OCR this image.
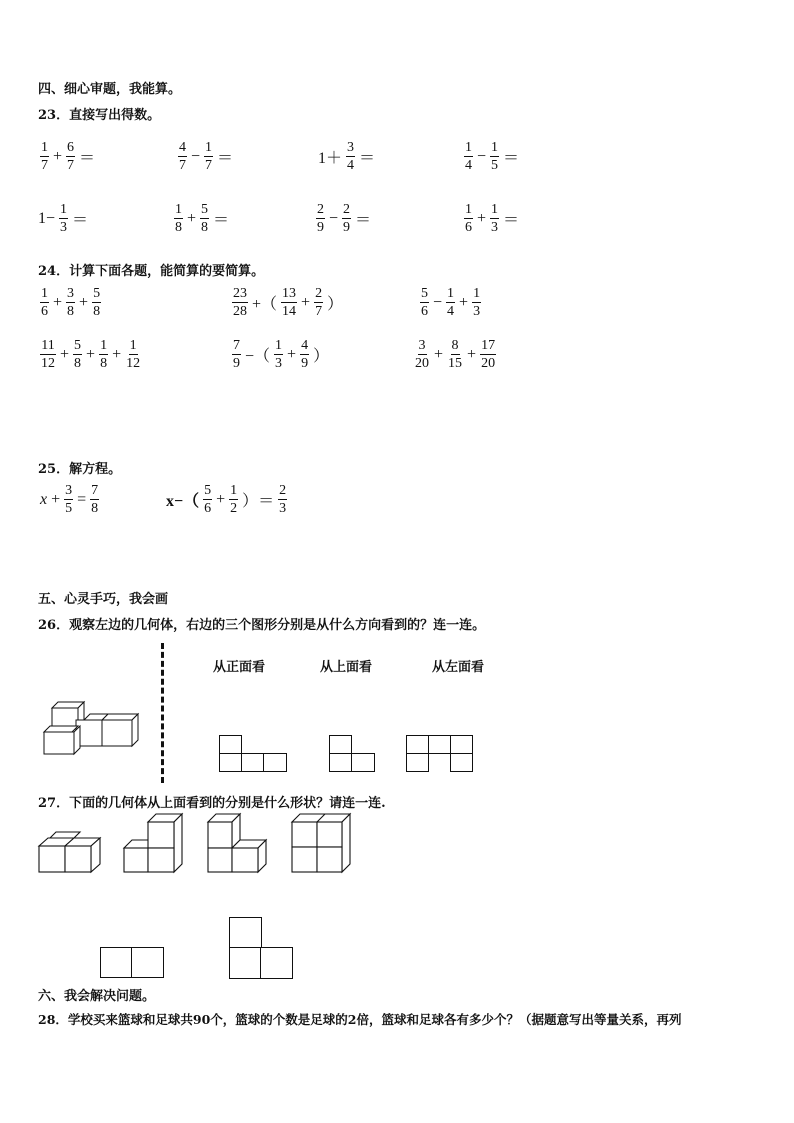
四、细心审题，我能算。
23．直接写出得数。
$\frac{1}{7} + \frac{6}{7}$ ＝	$\frac{4}{7} - \frac{1}{7}$ ＝	$1+ \frac{3}{4}$ ＝	$\frac{1}{4} - \frac{1}{5}$ ＝
$1- \frac{1}{3}$ ＝	$\frac{1}{8} + \frac{5}{8}$ ＝	$\frac{2}{9} - \frac{2}{9}$ ＝	$\frac{1}{6} + \frac{1}{3}$ ＝
24．计算下面各题，能简算的要简算。
$\frac{1}{6} + \frac{3}{8} + \frac{5}{8}$	$\frac{23}{28}$ +（ $\frac{13}{14} + \frac{2}{7}$ ）	$\frac{5}{6} - \frac{1}{4} + \frac{1}{3}$
$\frac{11}{12} + \frac{5}{8} + \frac{1}{8} + \frac{1}{12}$	$\frac{7}{9}$ −（ $\frac{1}{3} + \frac{4}{9}$ ）	$\frac{3}{20} + \frac{8}{15} + \frac{17}{20}$
25．解方程。
$x + \frac{3}{5} = \frac{7}{8}$	$x-( \frac{5}{6} + \frac{1}{2}$ ）＝ $\frac{2}{3}$
五、心灵手巧，我会画
26．观察左边的几何体，右边的三个图形分别是从什么方向看到的？连一连。
从正面看	从上面看	从左面看
27．下面的几何体从上面看到的分别是什么形状？请连一连.
六、我会解决问题。
28．学校买来篮球和足球共90个，篮球的个数是足球的2倍，篮球和足球各有多少个？（据题意写出等量关系，再列
